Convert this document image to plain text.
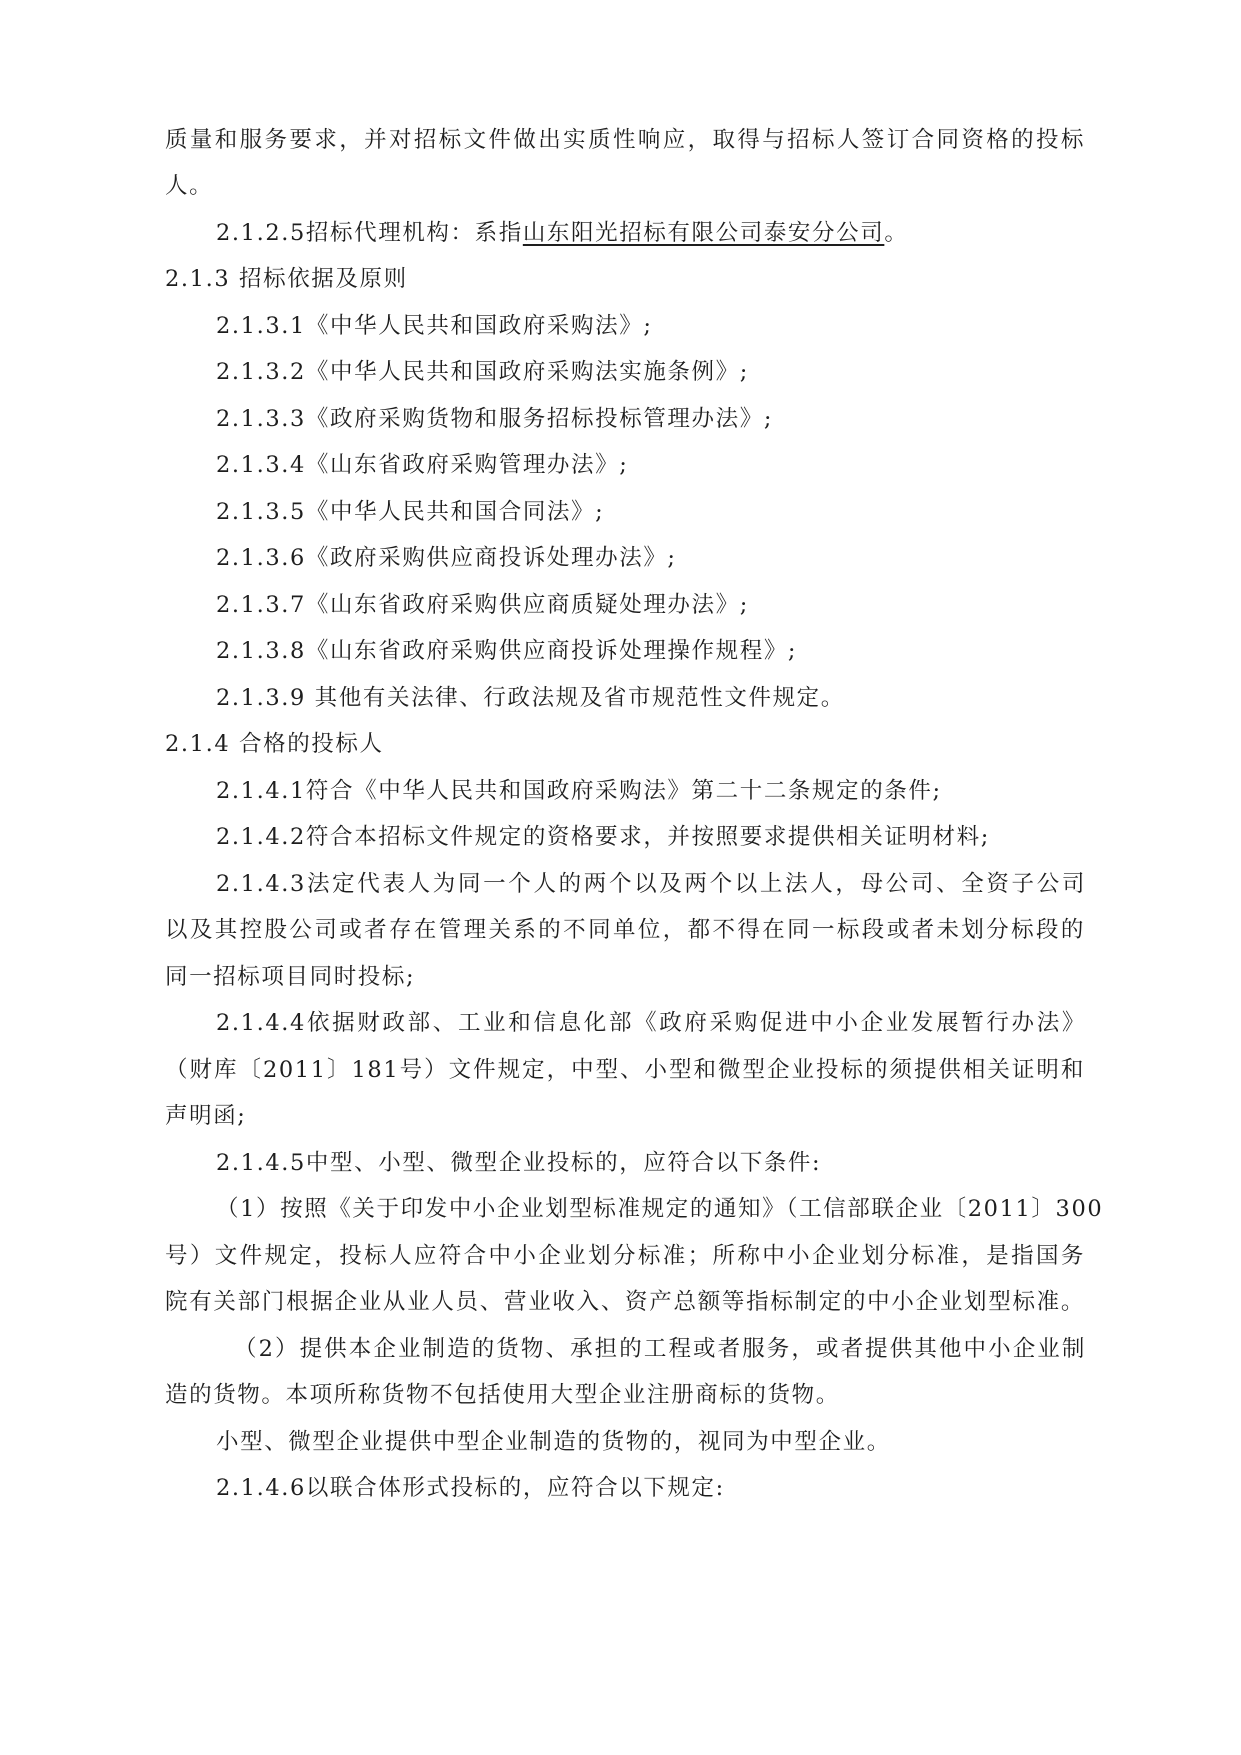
质量和服务要求，并对招标文件做出实质性响应，取得与招标人签订合同资格的投标
人。
2.1.2.5招标代理机构：系指山东阳光招标有限公司泰安分公司。
2.1.3 招标依据及原则
2.1.3.1《中华人民共和国政府采购法》;
2.1.3.2《中华人民共和国政府采购法实施条例》;
2.1.3.3《政府采购货物和服务招标投标管理办法》;
2.1.3.4《山东省政府采购管理办法》;
2.1.3.5《中华人民共和国合同法》;
2.1.3.6《政府采购供应商投诉处理办法》;
2.1.3.7《山东省政府采购供应商质疑处理办法》;
2.1.3.8《山东省政府采购供应商投诉处理操作规程》;
2.1.3.9 其他有关法律、行政法规及省市规范性文件规定。
2.1.4 合格的投标人
2.1.4.1符合《中华人民共和国政府采购法》第二十二条规定的条件;
2.1.4.2符合本招标文件规定的资格要求，并按照要求提供相关证明材料;
2.1.4.3法定代表人为同一个人的两个以及两个以上法人，母公司、全资子公司
以及其控股公司或者存在管理关系的不同单位，都不得在同一标段或者未划分标段的
同一招标项目同时投标;
2.1.4.4依据财政部、工业和信息化部《政府采购促进中小企业发展暂行办法》
（财库〔2011〕181号）文件规定，中型、小型和微型企业投标的须提供相关证明和
声明函;
2.1.4.5中型、小型、微型企业投标的，应符合以下条件:
（1）按照《关于印发中小企业划型标准规定的通知》（工信部联企业〔2011〕300
号）文件规定，投标人应符合中小企业划分标准；所称中小企业划分标准，是指国务
院有关部门根据企业从业人员、营业收入、资产总额等指标制定的中小企业划型标准。
（2）提供本企业制造的货物、承担的工程或者服务，或者提供其他中小企业制
造的货物。本项所称货物不包括使用大型企业注册商标的货物。
小型、微型企业提供中型企业制造的货物的，视同为中型企业。
2.1.4.6以联合体形式投标的，应符合以下规定:
